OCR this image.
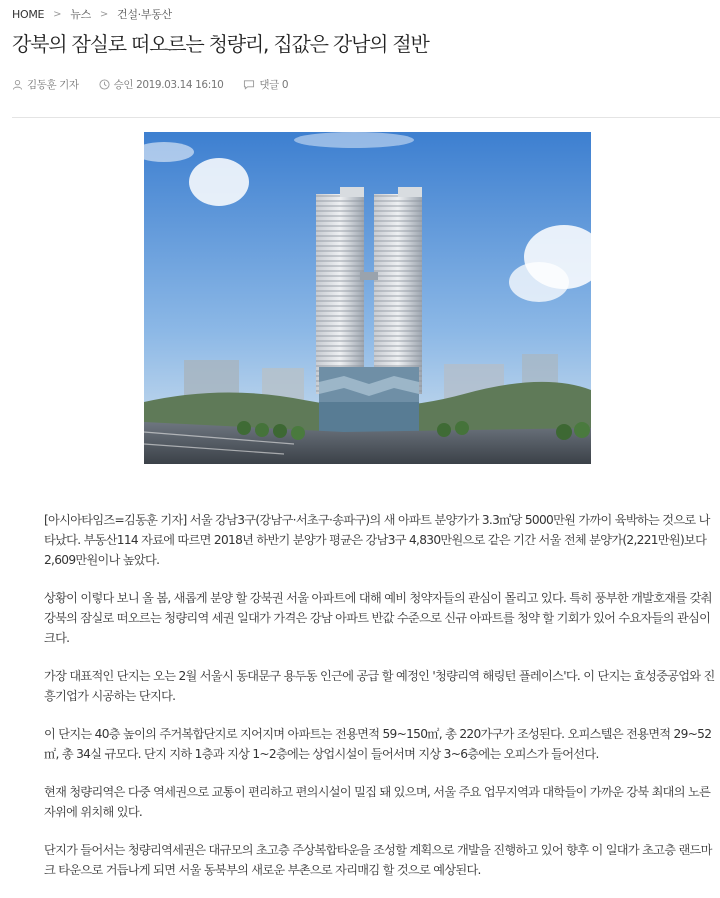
HOME > 뉴스 > 건설·부동산
강북의 잠실로 떠오르는 청량리, 집값은 강남의 절반
김동훈 기자	승인 2019.03.14 16:10	댓글 0

[아시아타임즈=김동훈 기자] 서울 강남3구(강남구·서초구·송파구)의 새 아파트 분양가가 3.3㎡당 5000만원 가까이 육박하는 것으로 나타났다. 부동산114 자료에 따르면 2018년 하반기 분양가 평균은 강남3구 4,830만원으로 같은 기간 서울 전체 분양가(2,221만원)보다 2,609만원이나 높았다.

상황이 이렇다 보니 올 봄, 새롭게 분양 할 강북권 서울 아파트에 대해 예비 청약자들의 관심이 몰리고 있다. 특히 풍부한 개발호재를 갖춰 강북의 잠실로 떠오르는 청량리역 세권 일대가 가격은 강남 아파트 반값 수준으로 신규 아파트를 청약 할 기회가 있어 수요자들의 관심이 크다.

가장 대표적인 단지는 오는 2월 서울시 동대문구 용두동 인근에 공급 할 예정인 '청량리역 해링턴 플레이스'다. 이 단지는 효성중공업와 진흥기업가 시공하는 단지다.

이 단지는 40층 높이의 주거복합단지로 지어지며 아파트는 전용면적 59~150㎡, 총 220가구가 조성된다. 오피스텔은 전용면적 29~52㎡, 총 34실 규모다. 단지 지하 1층과 지상 1~2층에는 상업시설이 들어서며 지상 3~6층에는 오피스가 들어선다.

현재 청량리역은 다중 역세권으로 교통이 편리하고 편의시설이 밀집 돼 있으며, 서울 주요 업무지역과 대학들이 가까운 강북 최대의 노른자위에 위치해 있다.

단지가 들어서는 청량리역세권은 대규모의 초고층 주상복합타운을 조성할 계획으로 개발을 진행하고 있어 향후 이 일대가 초고층 랜드마크 타운으로 거듭나게 되면 서울 동북부의 새로운 부촌으로 자리매김 할 것으로 예상된다.
